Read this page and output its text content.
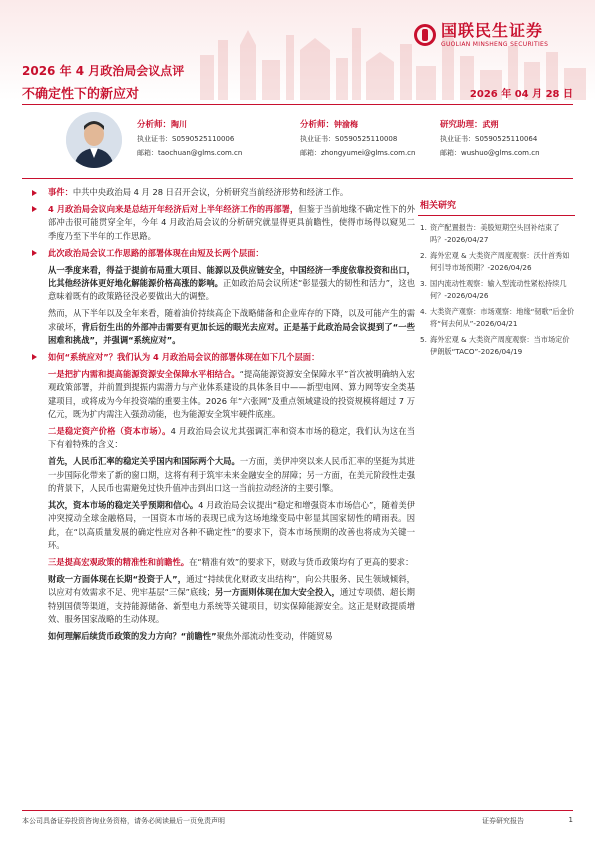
国联民生证券
GUOLIAN MINSHENG SECURITIES
2026 年 4 月政治局会议点评
不确定性下的新应对	2026 年 04 月 28 日
分析师：陶川
执业证书：S0590525110006
邮箱：taochuan@glms.com.cn
分析师：钟渝梅
执业证书：S0590525110008
邮箱：zhongyumei@glms.com.cn
研究助理：武朔
执业证书：S0590525110064
邮箱：wushuo@glms.com.cn

事件：中共中央政治局 4 月 28 日召开会议，分析研究当前经济形势和经济工作。

4 月政治局会议向来是总结开年经济后对上半年经济工作的再部署，但鉴于当前地缘不确定性下的外部冲击很可能贯穿全年，今年 4 月政治局会议的分析研究就显得更具前瞻性，使得市场得以窥见二季度乃至下半年的工作思路。

此次政治局会议工作思路的部署体现在由短及长两个层面：

从一季度来看，得益于提前布局重大项目、能源以及供应链安全，中国经济一季度依靠投资和出口，比其他经济体更好地化解能源价格高涨的影响。正如政治局会议所述“彰显强大的韧性和活力”，这也意味着既有的政策路径没必要做出大的调整。

然而，从下半年以及全年来看，随着油价持续高企下战略储备和企业库存的下降，以及可能产生的需求破坏，背后衍生出的外部冲击需要有更加长远的眼光去应对。正是基于此政治局会议提到了“一些困难和挑战”，并强调“系统应对”。

如何“系统应对”？我们认为 4 月政治局会议的部署体现在如下几个层面：

一是把扩内需和提高能源资源安全保障水平相结合。“提高能源资源安全保障水平”首次被明确纳入宏观政策部署，并前置到提振内需潜力与产业体系建设的具体条目中——新型电网、算力网等安全类基建项目，或将成为今年投资端的重要主体。2026 年“六张网”及重点领域建设的投资规模将超过 7 万亿元，既为扩内需注入强劲动能，也为能源安全筑牢硬件底座。

二是稳定资产价格（资本市场）。4 月政治局会议尤其强调汇率和资本市场的稳定，我们认为这在当下有着特殊的含义：

首先，人民币汇率的稳定关乎国内和国际两个大局。一方面，美伊冲突以来人民币汇率的坚挺为其进一步国际化带来了新的窗口期，这将有利于筑牢未来金融安全的屏障；另一方面，在美元阶段性走强的背景下，人民币也需避免过快升值冲击到出口这一当前拉动经济的主要引擎。

其次，资本市场的稳定关乎预期和信心。4 月政治局会议提出“稳定和增强资本市场信心”，随着美伊冲突搅动全球金融格局，一国资本市场的表现已成为这场地缘变局中彰显其国家韧性的晴雨表。因此，在“以高质量发展的确定性应对各种不确定性”的要求下，资本市场预期的改善也将成为关键一环。

三是提高宏观政策的精准性和前瞻性。在“精准有效”的要求下，财政与货币政策均有了更高的要求：

财政一方面体现在长期“投资于人”，通过“持续优化财政支出结构”，向公共服务、民生领域倾斜，以应对有效需求不足、兜牢基层“三保”底线；另一方面则体现在加大安全投入，通过专项债、超长期特别国债等渠道，支持能源储备、新型电力系统等关键项目，切实保障能源安全。这正是财政提质增效、服务国家战略的生动体现。

如何理解后续货币政策的发力方向？“前瞻性”聚焦外部流动性变动，伴随贸易

相关研究
1. 资产配置报告：美股短期空头回补结束了吗？-2026/04/27
2. 海外宏观 & 大类资产周度观察：沃什首秀如何引导市场预期？-2026/04/26
3. 国内流动性观察：输入型流动性紧松持续几何？-2026/04/26
4. 大类资产观察：市场观察：地缘“韧歌”后金价将“何去何从”-2026/04/21
5. 海外宏观 & 大类资产周度观察：当市场定价伊朗版“TACO”-2026/04/19
本公司具备证券投资咨询业务资格，请务必阅读最后一页免责声明	证券研究报告	1
